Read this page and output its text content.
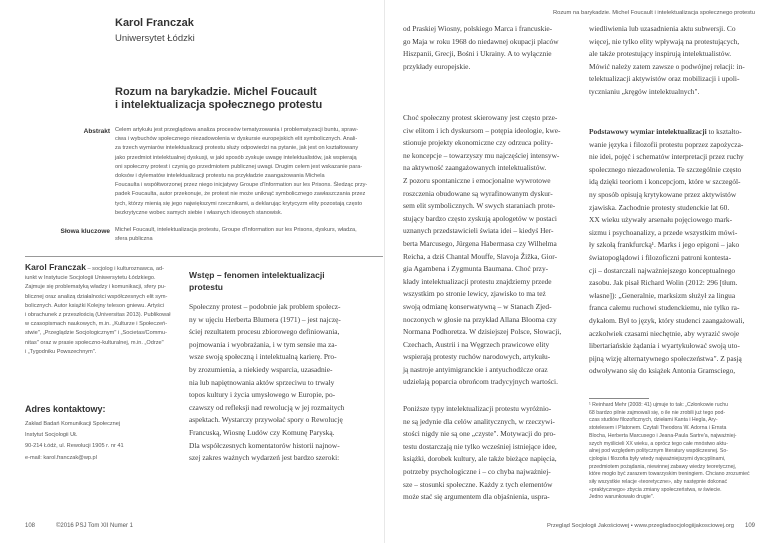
Karol Franczak
Uniwersytet Łódzki
Rozum na barykadzie. Michel Foucault
i intelektualizacja społecznego protestu
Abstrakt Celem artykułu jest przeglądowa analiza procesów tematyzowania i problematyzacji buntu, spraw-
ciwa i wybuchów społecznego niezadowolenia w dyskursie europejskich elit symbolicznych. Anali-
za trzech wymiarów intelektualizacji protestu służy odpowiedzi na pytanie, jak jest on kształtowany
jako przedmiot intelektualnej dyskusji, w jaki sposób zyskuje uwagę intelektualistów, jak wspierają
oni społeczny protest i czynią go przedmiotem publicznej uwagi. Drugim celem jest wskazanie para-
doksów i dylematów intelektualizacji protestu na przykładzie zaangażowania Michela
Foucaulta i współtworzonej przez niego inicjatywy Groupe d'Information sur les Prisons. Śledząc przy-
padek Foucaulta, autor przekonuje, że protest nie może uniknąć symbolicznego zawłaszczania przez
tych, którzy mienią się jego największymi rzecznikami, a deklarując krytycyzm elity pozostają często
bezkrytyczne wobec samych siebie i własnych ideowych stanowisk.
Słowa kluczowe Michel Foucault, intelektualizacja protestu, Groupe d'Information sur les Prisons, dyskurs, władza,
sfera publiczna
Karol Franczak – socjolog i kulturoznawca, ad-
iunkt w Instytucie Socjologii Uniwersytetu Łódzkiego.
Zajmuje się problematyką władzy i komunikacji, sfery pu-
blicznej oraz analizą działalności współczesnych elit sym-
bolicznych. Autor książki Kolejny teleson gniewu. Artyści
i obrachunek z przeszłością (Universitas 2013). Publikował
w czasopismach naukowych, m.in. „Kulturze i Społeczeń-
stwie", „Przeglądzie Socjologicznym" i „Societas/Commu-
nitas" oraz w prasie społeczno-kulturalnej, m.in. „Odrze"
i „Tygodniku Powszechnym".
Adres kontaktowy:
Zakład Badań Komunikacji Społecznej
Instytut Socjologii UŁ
90-214 Łódź, ul. Rewolucji 1905 r. nr 41
e-mail: karol.franczak@wp.pl
Wstęp – fenomen intelektualizacji
protestu
Społeczny protest – podobnie jak problem społecz-
ny w ujęciu Herberta Blumera (1971) – jest najczę-
ściej rezultatem procesu zbiorowego definiowania,
pojmowania i wyobrażania, i w tym sensie ma za-
wsze swoją społeczną i intelektualną karierę. Pro-
by zrozumienia, a niekiedy wsparcia, uzasadnie-
nia lub napiętnowania aktów sprzeciwu to trwały
topos kultury i życia umysłowego w Europie, po-
czawszy od refleksji nad rewolucją w jej rozmaitych
aspektach. Wystarczy przywołać spory o Rewolucję
Francuską, Wiosnę Ludów czy Komunę Paryską.
Dla współczesnych komentatorów historii najnow-
szej zakres ważnych wydarzeń jest bardzo szeroki:
108	©2016 PSJ Tom XII Numer 1
Rozum na barykadzie. Michel Foucault i intelektualizacja społecznego protestu
od Praskiej Wiosny, polskiego Marca i francuskie-
go Maja w roku 1968 do niedawnej okupacji placów
Hiszpanii, Grecji, Bośni i Ukrainy. A to wyłącznie
przykłady europejskie.
Choć społeczny protest skierowany jest często prze-
ciw elitom i ich dyskursom – potępia ideologie, kwe-
stionuje projekty ekonomiczne czy odrzuca polity-
ne koncepcje – towarzyszy mu najczęściej intensyw-
na aktywność zaangażowanych intelektualistów.
Z pozoru spontaniczne i emocjonalne wywrotowe
roszczenia obudowane są wyrafinowanym dyskur-
sem elit symbolicznych. W swych staraniach prote-
stujący bardzo często zyskują apologetów w postaci
uznanych przedstawicieli świata idei – kiedyś Her-
berta Marcusego, Jürgena Habermasa czy Wilhelma
Reicha, a dziś Chantal Mouffe, Slavoja Žižka, Gior-
gia Agambena i Zygmunta Baumana. Choć przy-
kłady intelektualizacji protestu znajdziemy przede
wszystkim po stronie lewicy, zjawisko to ma też
swoją odmianę konserwatywną – w Stanach Zjed-
noczonych w głosie na przykład Allana Blooma czy
Normana Podhoretza. W dzisiejszej Polsce, Słowacji,
Czechach, Austrii i na Węgrzech prawicowe elity
wspierają protesty ruchów narodowych, artykułu-
ją nastroje antyimigranckie i antyuchodźcze oraz
udzielają poparcia obrońcom tradycyjnych wartości.
Poniższe typy intelektualizacji protestu wyróżnio-
ne są jedynie dla celów analitycznych, w rzeczywi-
stości nigdy nie są one „czyste". Motywacji do pro-
testu dostarczają nie tylko wcześniej istniejące idee,
książki, dorobek kultury, ale także bieżące napięcia,
potrzeby psychologiczne i – co chyba najważniej-
sze – stosunki społeczne. Każdy z tych elementów
może stać się argumentem dla objaśnienia, uspra-
wiedliwienia lub uzasadnienia aktu subwersji. Co
więcej, nie tylko elity wpływają na protestujących,
ale także protestujący inspirują intelektualistów.
Mówić należy zatem zawsze o podwójnej relacji: in-
telektualizacji aktywistów oraz mobilizacji i upoli-
tycznianiu „kręgów intelektualnych".
Podstawowy wymiar intelektualizacji to kształto-
wanie języka i filozofii protestu poprzez zapożycza-
nie idei, pojęć i schematów interpretacji przez ruchy
społecznego niezadowolenia. Te szczególnie często
idą dzięki teoriom i koncepcjom, które w szczegól-
ny sposób opisują krytykowane przez aktywistów
zjawiska. Zachodnie protesty studenckie lat 60.
XX wieku używały arsenału pojęciowego mark-
sizmu i psychoanalizy, a przede wszystkim mówi-
ły szkołą frankfurcką¹. Marks i jego epigoni – jako
światopoglądowi i filozoficzni patroni kontesta-
cji – dostarczali najważniejszego konceptualnego
zasobu. Jak pisał Richard Wolin (2012: 296 [tłum.
własne]): „Generalnie, marksizm służył za lingua
franca całemu ruchowi studenckiemu, nie tylko ra-
dykałom. Był to język, który studenci zaangażowali,
aczkolwiek czasami niechętnie, aby wyrazić swoje
libertariańskie żądania i wyartykułować swoją uto-
pijną wizję alternatywnego społeczeństwa". Z pasją
odwoływano się do książek Antonia Gramsciego,
¹ Reinhard Mehr (2008: 41) ujmuje to tak: „Członkowie ruchu
68 bardzo pilnie zajmowali się, o ile nie zrobili już tego pod-
czas studiów filozoficznych, dziełami Kanta i Hegla, Ary-
stotelesem i Platonem. Czytali Theodora W. Adorna i Ernsta
Blocha, Herberta Marcusego i Jeana-Paula Sartre'a, najważniej-
szych myślicieli XX wieku, a oprócz tego całe mnóstwo aktu-
alnej pod względem politycznym literatury współczesnej. So-
cjologia i filozofia były wtedy najważniejszymi dyscyplinami,
przedmiotem pożądania, niewinnej zabawy wiedzy teoretycznej,
które mogło być zarazem towarzyskim treningiem. Chciano zrozumieć
siły wszystkie relacje «teoretyczne», aby następnie dokonać
«praktycznego» zbycia zmiany społeczeństwa, w świecie.
Jedno warunkowało drugie".
Przegląd Socjologii Jakościowej • www.przegladsocjologiijakosciowej.org 109
